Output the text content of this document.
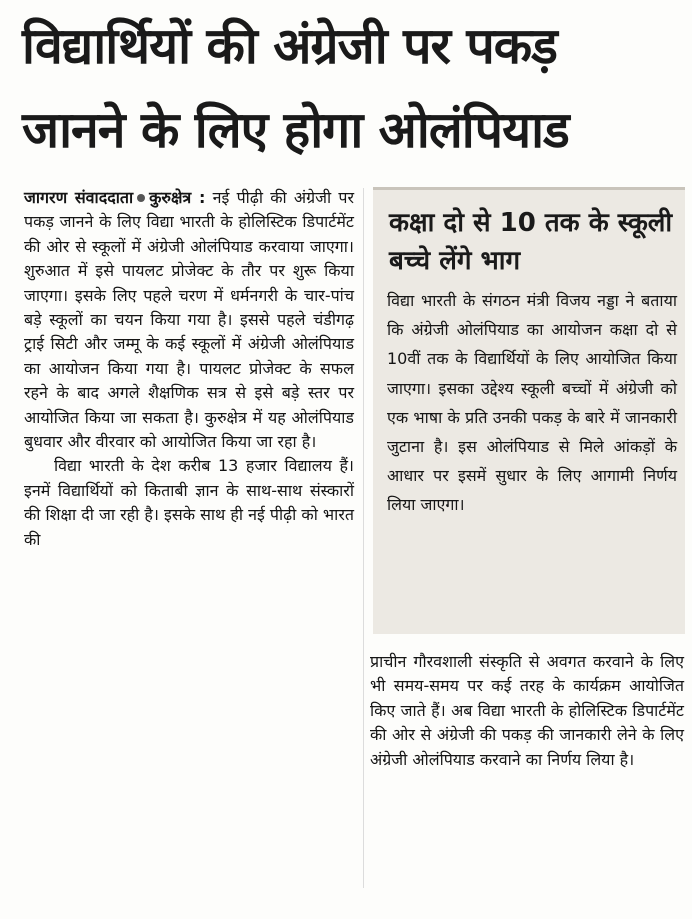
विद्यार्थियों की अंग्रेजी पर पकड़
जानने के लिए होगा ओलंपियाड

जागरण संवाददाता कुरुक्षेत्र : नई पीढ़ी की अंग्रेजी पर पकड़ जानने के लिए विद्या भारती के होलिस्टिक डिपार्टमेंट की ओर से स्कूलों में अंग्रेजी ओलंपियाड करवाया जाएगा। शुरुआत में इसे पायलट प्रोजेक्ट के तौर पर शुरू किया जाएगा। इसके लिए पहले चरण में धर्मनगरी के चार-पांच बड़े स्कूलों का चयन किया गया है। इससे पहले चंडीगढ़ ट्राई सिटी और जम्मू के कई स्कूलों में अंग्रेजी ओलंपियाड का आयोजन किया गया है। पायलट प्रोजेक्ट के सफल रहने के बाद अगले शैक्षणिक सत्र से इसे बड़े स्तर पर आयोजित किया जा सकता है। कुरुक्षेत्र में यह ओलंपियाड बुधवार और वीरवार को आयोजित किया जा रहा है।

विद्या भारती के देश करीब 13 हजार विद्यालय हैं। इनमें विद्यार्थियों को किताबी ज्ञान के साथ-साथ संस्कारों की शिक्षा दी जा रही है। इसके साथ ही नई पीढ़ी को भारत की

कक्षा दो से 10 तक के स्कूली बच्चे लेंगे भाग
विद्या भारती के संगठन मंत्री विजय नड्डा ने बताया कि अंग्रेजी ओलंपियाड का आयोजन कक्षा दो से 10वीं तक के विद्यार्थियों के लिए आयोजित किया जाएगा। इसका उद्देश्य स्कूली बच्चों में अंग्रेजी को एक भाषा के प्रति उनकी पकड़ के बारे में जानकारी जुटाना है। इस ओलंपियाड से मिले आंकड़ों के आधार पर इसमें सुधार के लिए आगामी निर्णय लिया जाएगा।

प्राचीन गौरवशाली संस्कृति से अवगत करवाने के लिए भी समय-समय पर कई तरह के कार्यक्रम आयोजित किए जाते हैं। अब विद्या भारती के होलिस्टिक डिपार्टमेंट की ओर से अंग्रेजी की पकड़ की जानकारी लेने के लिए अंग्रेजी ओलंपियाड करवाने का निर्णय लिया है।
